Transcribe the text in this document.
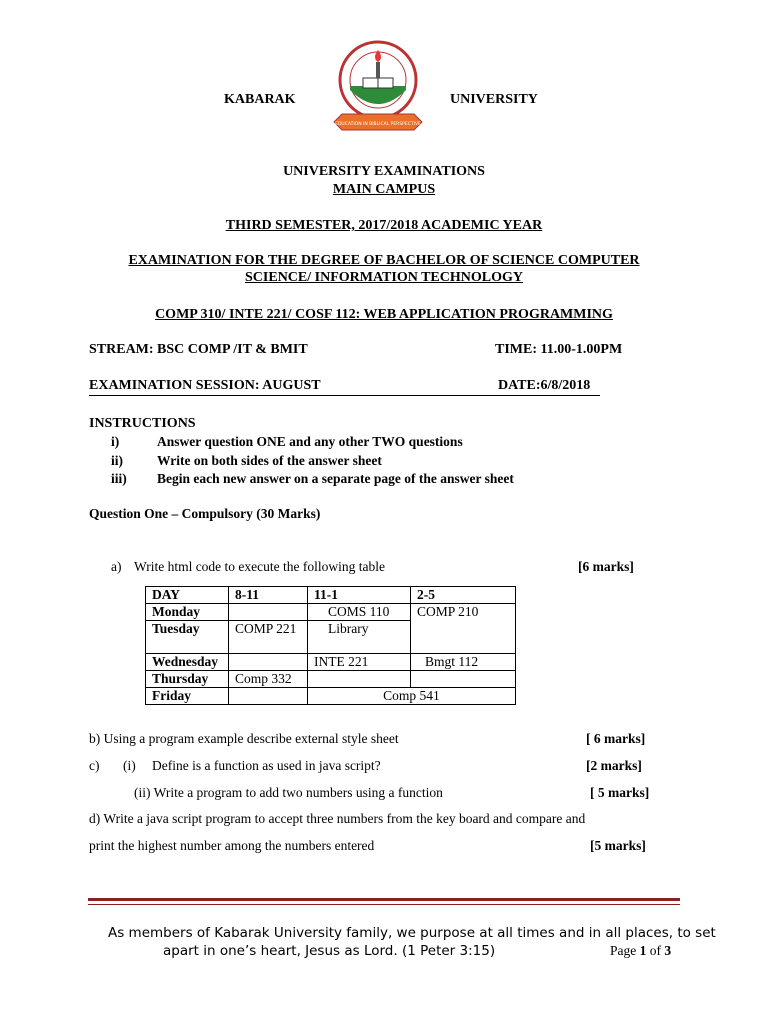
KABARAK	UNIVERSITY
EDUCATION IN BIBLICAL PERSPECTIVE
UNIVERSITY EXAMINATIONS
MAIN CAMPUS
THIRD SEMESTER, 2017/2018 ACADEMIC YEAR
EXAMINATION FOR THE DEGREE OF BACHELOR OF SCIENCE COMPUTER
SCIENCE/ INFORMATION TECHNOLOGY
COMP 310/ INTE 221/ COSF 112: WEB APPLICATION PROGRAMMING
STREAM: BSC COMP /IT & BMIT	TIME: 11.00-1.00PM
EXAMINATION SESSION: AUGUST	DATE:6/8/2018
INSTRUCTIONS
i)	Answer question ONE and any other TWO questions
ii)	Write on both sides of the answer sheet
iii) Begin each new answer on a separate page of the answer sheet
Question One – Compulsory (30 Marks)
a) Write html code to execute the following table	[6 marks]
DAY	8-11	11-1	2-5
Monday		COMS 110	COMP 210
Tuesday	COMP 221	Library	
Wednesday		INTE 221	Bmgt 112
Thursday	Comp 332		
Friday		Comp 541	
b) Using a program example describe external style sheet	[ 6 marks]
c) (i) Define is a function as used in java script?	[2 marks]
(ii) Write a program to add two numbers using a function	[ 5 marks]
d) Write a java script program to accept three numbers from the key board and compare and
print the highest number among the numbers entered	[5 marks]
As members of Kabarak University family, we purpose at all times and in all places, to set
apart in one’s heart, Jesus as Lord. (1 Peter 3:15)	Page 1 of 3
